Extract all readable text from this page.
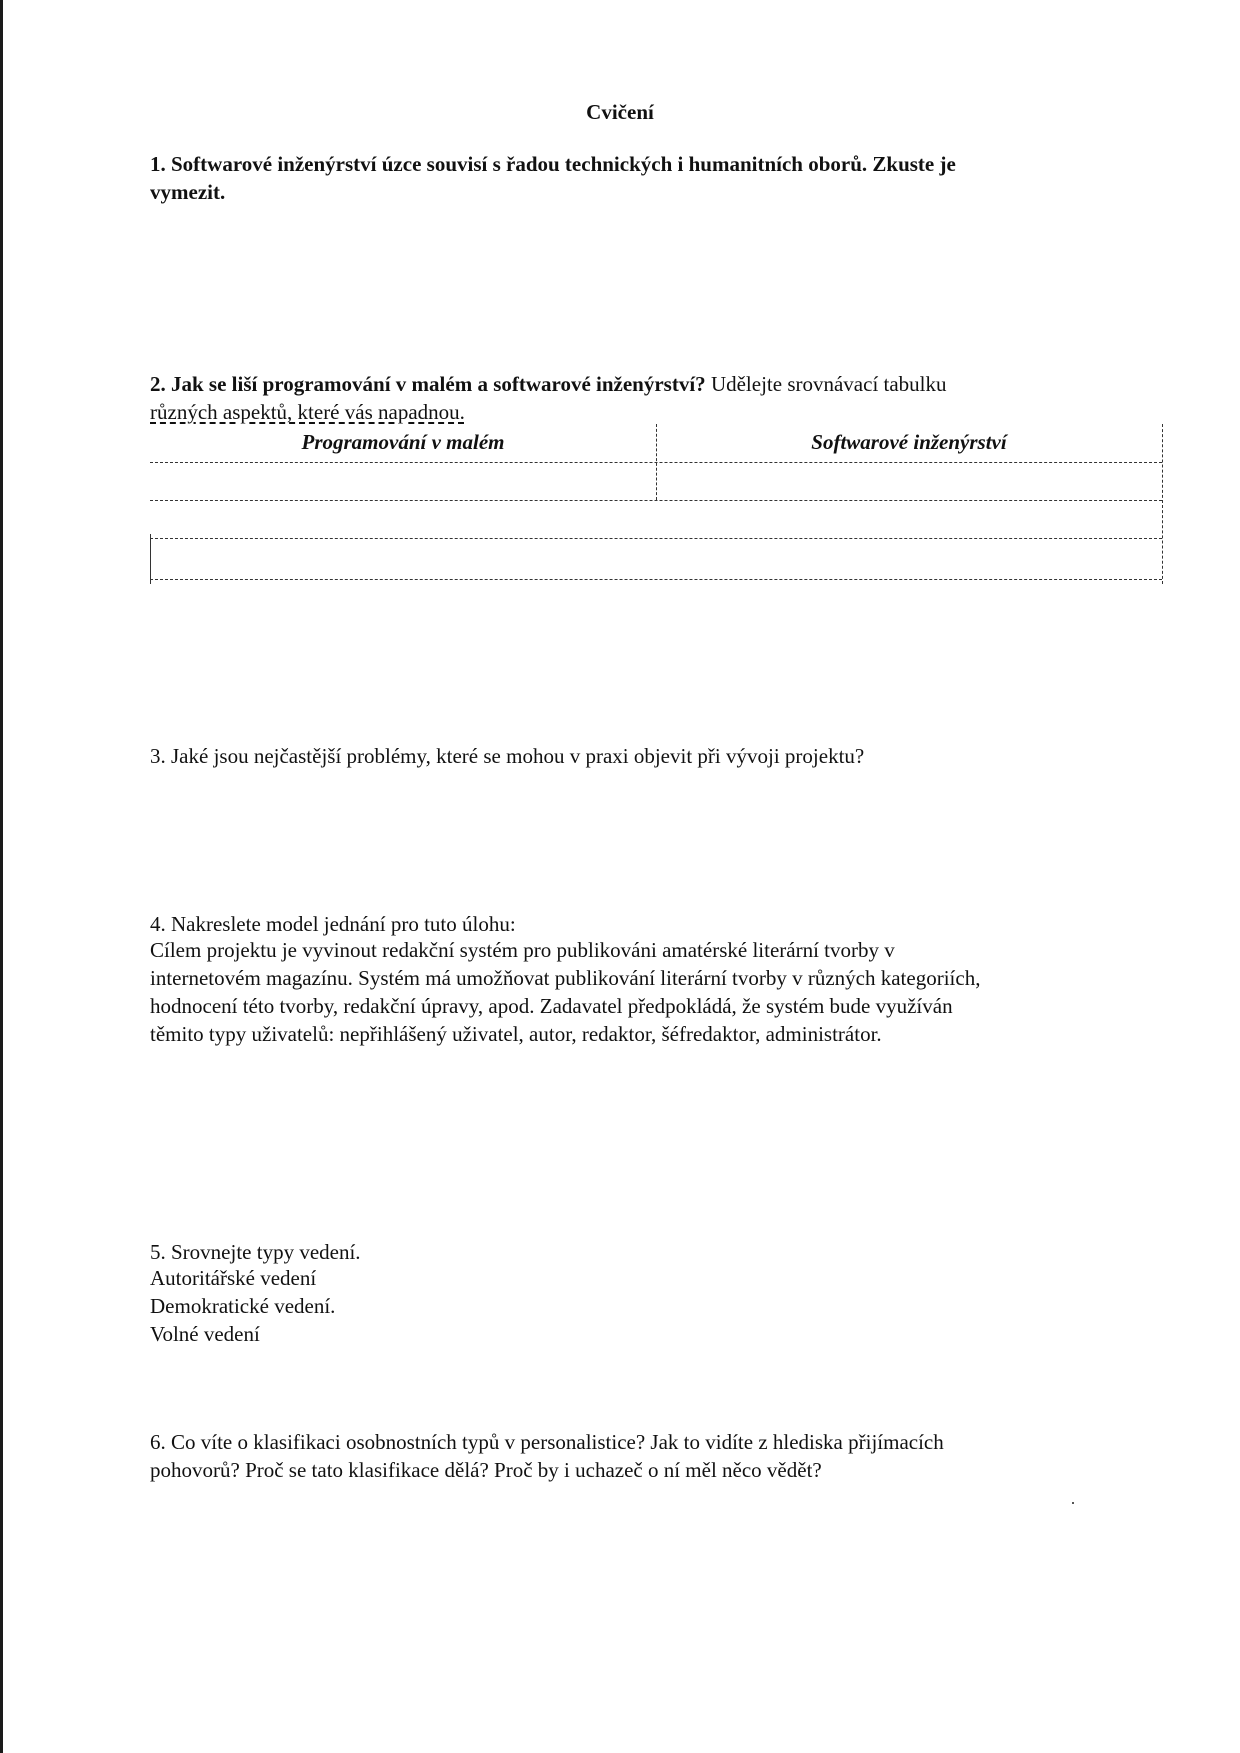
Cvičení
1. Softwarové inženýrství úzce souvisí s řadou technických i humanitních oborů. Zkuste je
vymezit.
2. Jak se liší programování v malém a softwarové inženýrství? Udělejte srovnávací tabulku
různých aspektů, které vás napadnou.
Programování v malém	Softwarové inženýrství
3. Jaké jsou nejčastější problémy, které se mohou v praxi objevit při vývoji projektu?
4. Nakreslete model jednání pro tuto úlohu:
Cílem projektu je vyvinout redakční systém pro publikováni amatérské literární tvorby v
internetovém magazínu. Systém má umožňovat publikování literární tvorby v různých kategoriích,
hodnocení této tvorby, redakční úpravy, apod. Zadavatel předpokládá, že systém bude využíván
těmito typy uživatelů: nepřihlášený uživatel, autor, redaktor, šéfredaktor, administrátor.
5. Srovnejte typy vedení.
Autoritářské vedení
Demokratické vedení.
Volné vedení
6. Co víte o klasifikaci osobnostních typů v personalistice? Jak to vidíte z hlediska přijímacích
pohovorů? Proč se tato klasifikace dělá? Proč by i uchazeč o ní měl něco vědět?
